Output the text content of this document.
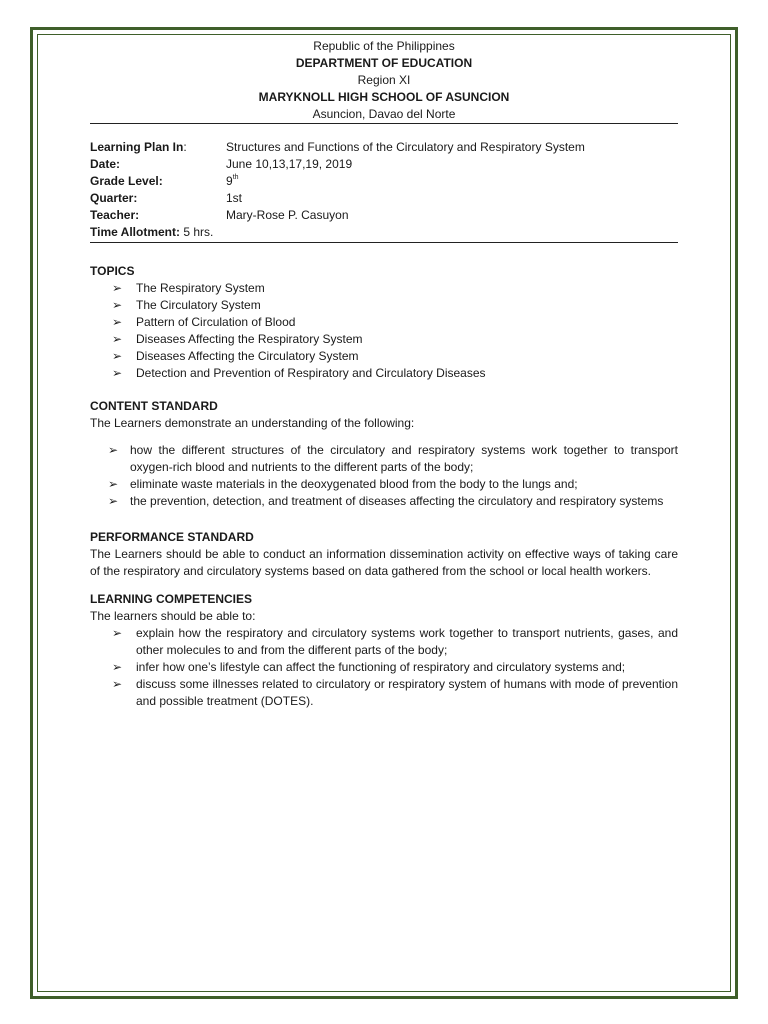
Republic of the Philippines
DEPARTMENT OF EDUCATION
Region XI
MARYKNOLL HIGH SCHOOL OF ASUNCION
Asuncion, Davao del Norte
Learning Plan In:	Structures and Functions of the Circulatory and Respiratory System
Date:	June 10,13,17,19, 2019
Grade Level:	9th
Quarter:	1st
Teacher:	Mary-Rose P. Casuyon
Time Allotment: 5 hrs.
TOPICS
➢ The Respiratory System
➢ The Circulatory System
➢ Pattern of Circulation of Blood
➢ Diseases Affecting the Respiratory System
➢ Diseases Affecting the Circulatory System
➢ Detection and Prevention of Respiratory and Circulatory Diseases
CONTENT STANDARD
The Learners demonstrate an understanding of the following:
➢ how the different structures of the circulatory and respiratory systems work together to transport oxygen-rich blood and nutrients to the different parts of the body;
➢ eliminate waste materials in the deoxygenated blood from the body to the lungs and;
➢ the prevention, detection, and treatment of diseases affecting the circulatory and respiratory systems
PERFORMANCE STANDARD
The Learners should be able to conduct an information dissemination activity on effective ways of taking care of the respiratory and circulatory systems based on data gathered from the school or local health workers.
LEARNING COMPETENCIES
The learners should be able to:
➢ explain how the respiratory and circulatory systems work together to transport nutrients, gases, and other molecules to and from the different parts of the body;
➢ infer how one’s lifestyle can affect the functioning of respiratory and circulatory systems and;
➢ discuss some illnesses related to circulatory or respiratory system of humans with mode of prevention and possible treatment (DOTES).
